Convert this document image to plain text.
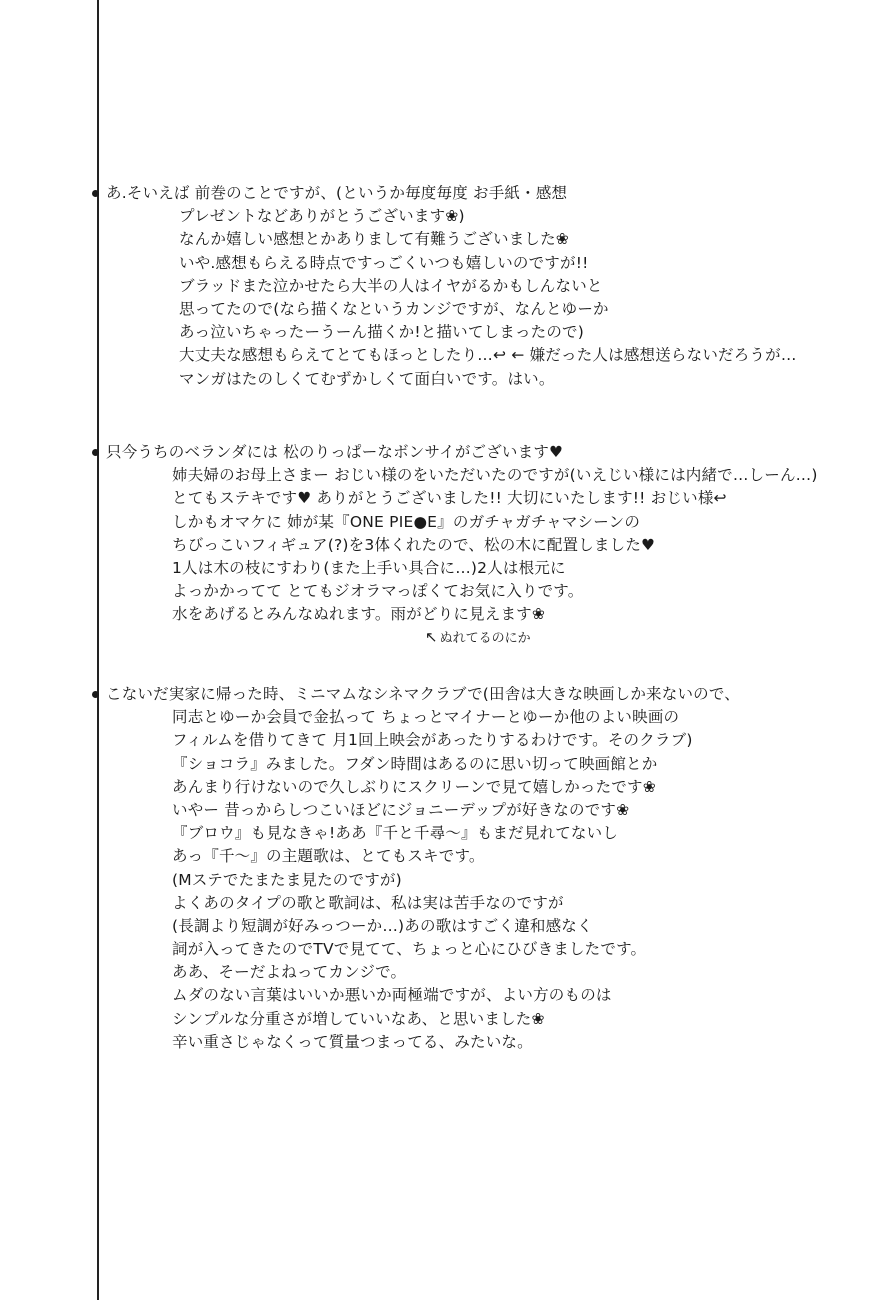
あ.そいえば 前巻のことですが、(というか毎度毎度 お手紙・感想
プレゼントなどありがとうございます❀)
なんか嬉しい感想とかありまして有難うございました❀
いや.感想もらえる時点ですっごくいつも嬉しいのですが!!
ブラッドまた泣かせたら大半の人はイヤがるかもしんないと
思ってたので(なら描くなというカンジですが、なんとゆーか
あっ泣いちゃったーうーん描くか!と描いてしまったので)
大丈夫な感想もらえてとてもほっとしたり…↩ ← 嫌だった人は感想送らないだろうが…
マンガはたのしくてむずかしくて面白いです。はい。
只今うちのベランダには 松のりっぱーなボンサイがございます♥
姉夫婦のお母上さまー おじい様のをいただいたのですが(いえじい様には内緒で…しーん…)
とてもステキです♥ ありがとうございました!! 大切にいたします!! おじい様↩
しかもオマケに 姉が某『ONE PIE●E』のガチャガチャマシーンの
ちびっこいフィギュア(?)を3体くれたので、松の木に配置しました♥
1人は木の枝にすわり(また上手い具合に…)2人は根元に
よっかかってて とてもジオラマっぽくてお気に入りです。
水をあげるとみんなぬれます。雨がどりに見えます❀
↖ ぬれてるのにか
こないだ実家に帰った時、ミニマムなシネマクラブで(田舎は大きな映画しか来ないので、
同志とゆーか会員で金払って ちょっとマイナーとゆーか他のよい映画の
フィルムを借りてきて 月1回上映会があったりするわけです。そのクラブ)
『ショコラ』みました。フダン時間はあるのに思い切って映画館とか
あんまり行けないので久しぶりにスクリーンで見て嬉しかったです❀
いやー 昔っからしつこいほどにジョニーデップが好きなのです❀
『ブロウ』も見なきゃ!ああ『千と千尋〜』もまだ見れてないし
あっ『千〜』の主題歌は、とてもスキです。
(Mステでたまたま見たのですが)
よくあのタイプの歌と歌詞は、私は実は苦手なのですが
(長調より短調が好みっつーか…)あの歌はすごく違和感なく
詞が入ってきたのでTVで見てて、ちょっと心にひびきましたです。
ああ、そーだよねってカンジで。
ムダのない言葉はいいか悪いか両極端ですが、よい方のものは
シンプルな分重さが増していいなあ、と思いました❀
辛い重さじゃなくって質量つまってる、みたいな。
